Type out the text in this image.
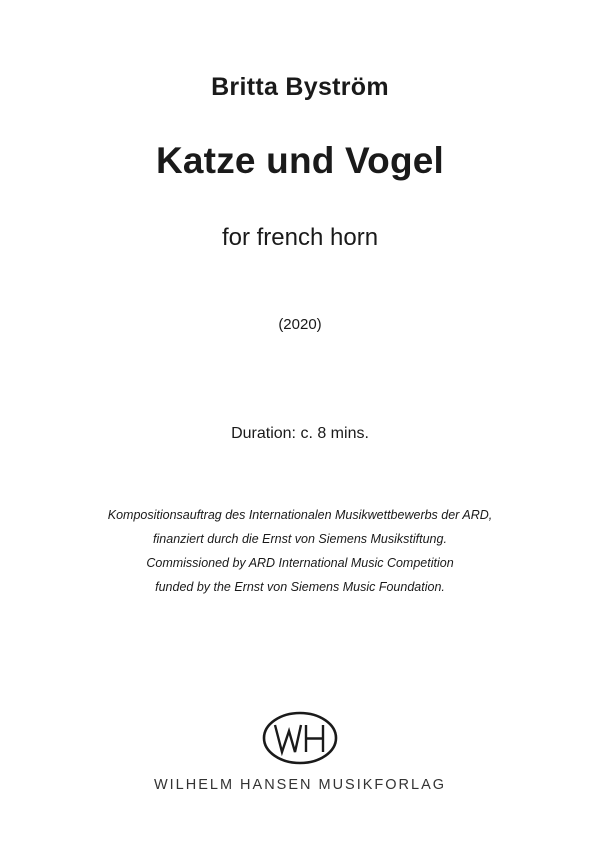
Britta Byström
Katze und Vogel
for french horn
(2020)
Duration: c. 8 mins.
Kompositionsauftrag des Internationalen Musikwettbewerbs der ARD,
finanziert durch die Ernst von Siemens Musikstiftung.
Commissioned by ARD International Music Competition
funded by the Ernst von Siemens Music Foundation.
WILHELM HANSEN MUSIKFORLAG
